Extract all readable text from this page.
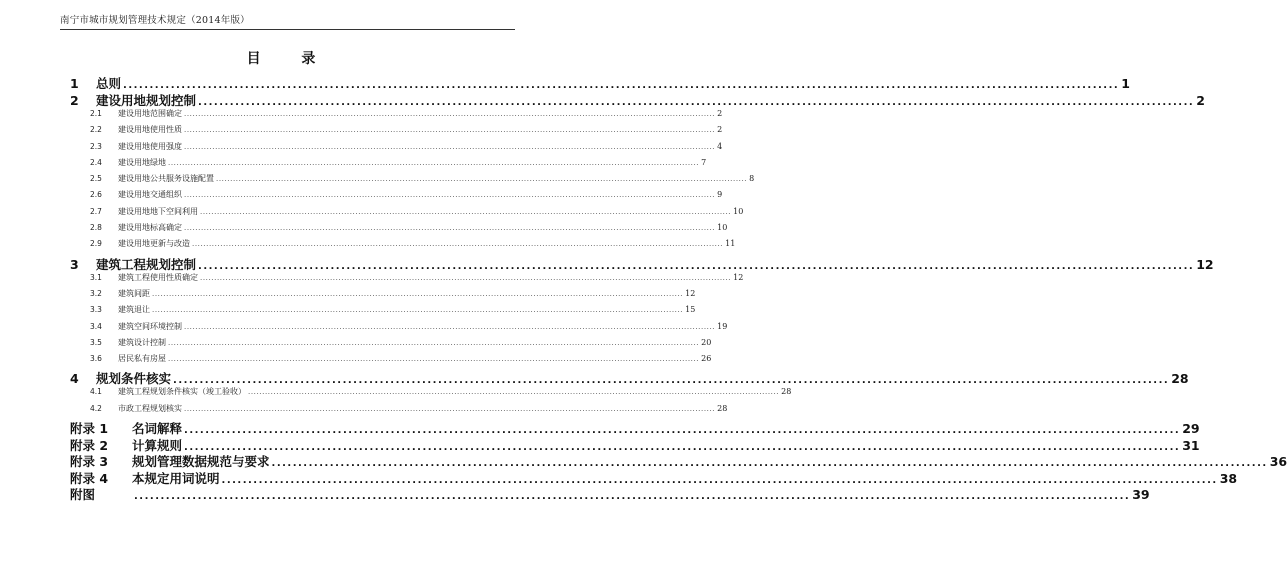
南宁市城市规划管理技术规定（2014年版）
目 录
1	总则 ............................................................................................................................................................................................ 1
2	建设用地规划控制 ............................................................................................................................................................................................ 2
2.1	建设用地范围确定 ............................................................................................................................................................................................ 2
2.2	建设用地使用性质 ............................................................................................................................................................................................ 2
2.3	建设用地使用强度 ............................................................................................................................................................................................ 4
2.4	建设用地绿地 ............................................................................................................................................................................................ 7
2.5	建设用地公共服务设施配置 ............................................................................................................................................................................................ 8
2.6	建设用地交通组织 ............................................................................................................................................................................................ 9
2.7	建设用地地下空间利用 ............................................................................................................................................................................................ 10
2.8	建设用地标高确定 ............................................................................................................................................................................................ 10
2.9	建设用地更新与改造 ............................................................................................................................................................................................ 11
3	建筑工程规划控制 ............................................................................................................................................................................................ 12
3.1	建筑工程使用性质确定 ............................................................................................................................................................................................ 12
3.2	建筑间距 ............................................................................................................................................................................................ 12
3.3	建筑退让 ............................................................................................................................................................................................ 15
3.4	建筑空间环境控制 ............................................................................................................................................................................................ 19
3.5	建筑设计控制 ............................................................................................................................................................................................ 20
3.6	居民私有房屋 ............................................................................................................................................................................................ 26
4	规划条件核实 ............................................................................................................................................................................................ 28
4.1	建筑工程规划条件核实（竣工验收） ............................................................................................................................................................................................ 28
4.2	市政工程规划核实 ............................................................................................................................................................................................ 28
附录 1	名词解释 ............................................................................................................................................................................................ 29
附录 2	计算规则 ............................................................................................................................................................................................ 31
附录 3	规划管理数据规范与要求 ............................................................................................................................................................................................ 36
附录 4	本规定用词说明 ............................................................................................................................................................................................ 38
附图	............................................................................................................................................................................................ 39
